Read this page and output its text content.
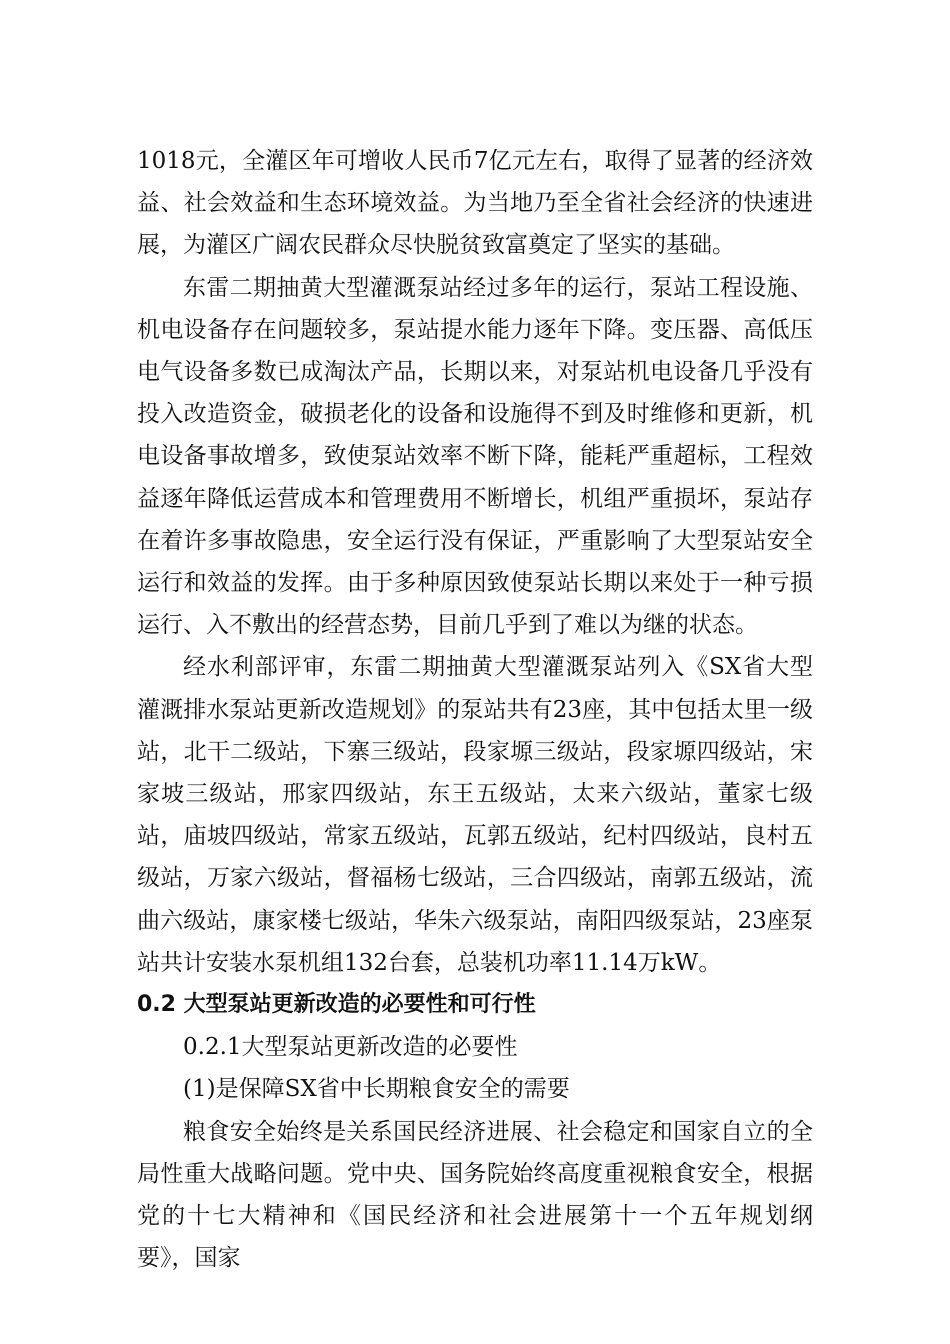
1018元，全灌区年可增收人民币7亿元左右，取得了显著的经济效益、社会效益和生态环境效益。为当地乃至全省社会经济的快速进展，为灌区广阔农民群众尽快脱贫致富奠定了坚实的基础。

东雷二期抽黄大型灌溉泵站经过多年的运行，泵站工程设施、机电设备存在问题较多，泵站提水能力逐年下降。变压器、高低压电气设备多数已成淘汰产品，长期以来，对泵站机电设备几乎没有投入改造资金，破损老化的设备和设施得不到及时维修和更新，机电设备事故增多，致使泵站效率不断下降，能耗严重超标，工程效益逐年降低运营成本和管理费用不断增长，机组严重损坏，泵站存在着许多事故隐患，安全运行没有保证，严重影响了大型泵站安全运行和效益的发挥。由于多种原因致使泵站长期以来处于一种亏损运行、入不敷出的经营态势，目前几乎到了难以为继的状态。

经水利部评审，东雷二期抽黄大型灌溉泵站列入《SX省大型灌溉排水泵站更新改造规划》的泵站共有23座，其中包括太里一级站，北干二级站，下寨三级站，段家塬三级站，段家塬四级站，宋家坡三级站，邢家四级站，东王五级站，太来六级站，董家七级站，庙坡四级站，常家五级站，瓦郭五级站，纪村四级站，良村五级站，万家六级站，督福杨七级站，三合四级站，南郭五级站，流曲六级站，康家楼七级站，华朱六级泵站，南阳四级泵站，23座泵站共计安装水泵机组132台套，总装机功率11.14万kW。

0.2 大型泵站更新改造的必要性和可行性

0.2.1大型泵站更新改造的必要性

(1)是保障SX省中长期粮食安全的需要

粮食安全始终是关系国民经济进展、社会稳定和国家自立的全局性重大战略问题。党中央、国务院始终高度重视粮食安全，根据党的十七大精神和《国民经济和社会进展第十一个五年规划纲要》，国家
